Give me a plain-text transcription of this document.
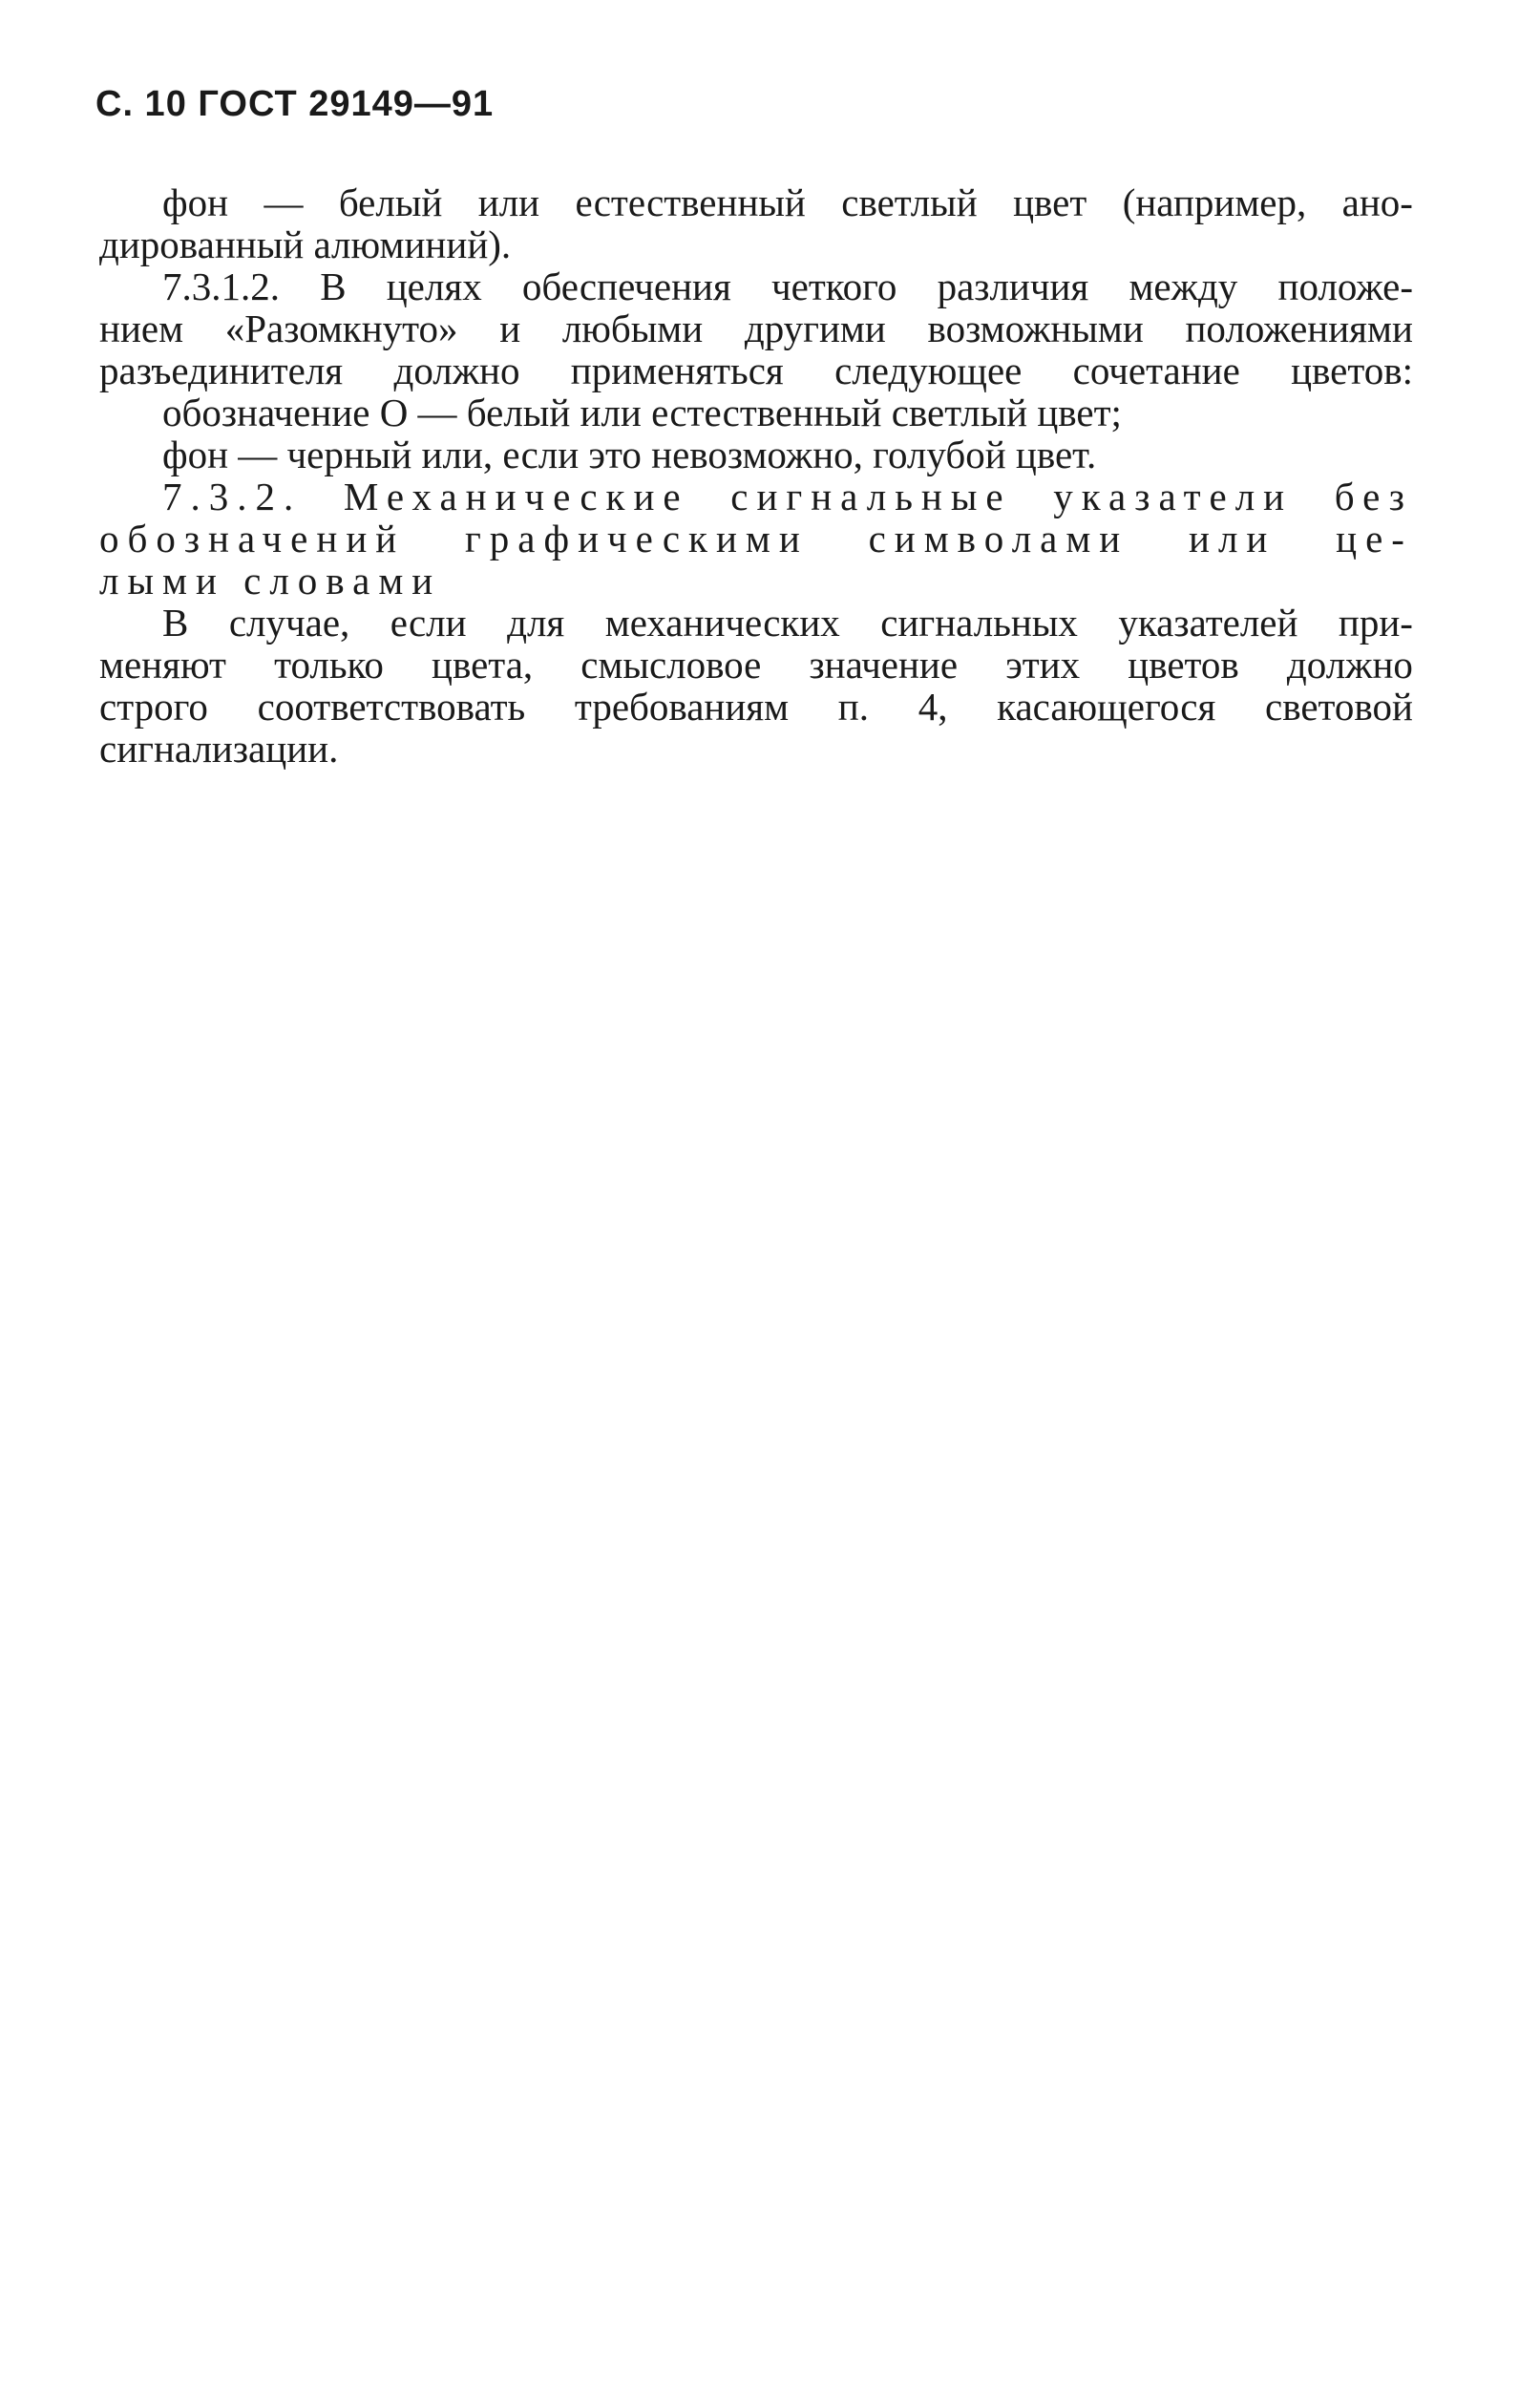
С. 10 ГОСТ 29149—91
фон — белый или естественный светлый цвет (например, ано-
дированный алюминий).
7.3.1.2. В целях обеспечения четкого различия между положе-
нием «Разомкнуто» и любыми другими возможными положениями
разъединителя должно применяться следующее сочетание цветов:
обозначение О — белый или естественный светлый цвет;
фон — черный или, если это невозможно, голубой цвет.
7.3.2. Механические сигнальные указатели без
обозначений графическими символами или це-
лыми словами
В случае, если для механических сигнальных указателей при-
меняют только цвета, смысловое значение этих цветов должно
строго соответствовать требованиям п. 4, касающегося световой
сигнализации.
